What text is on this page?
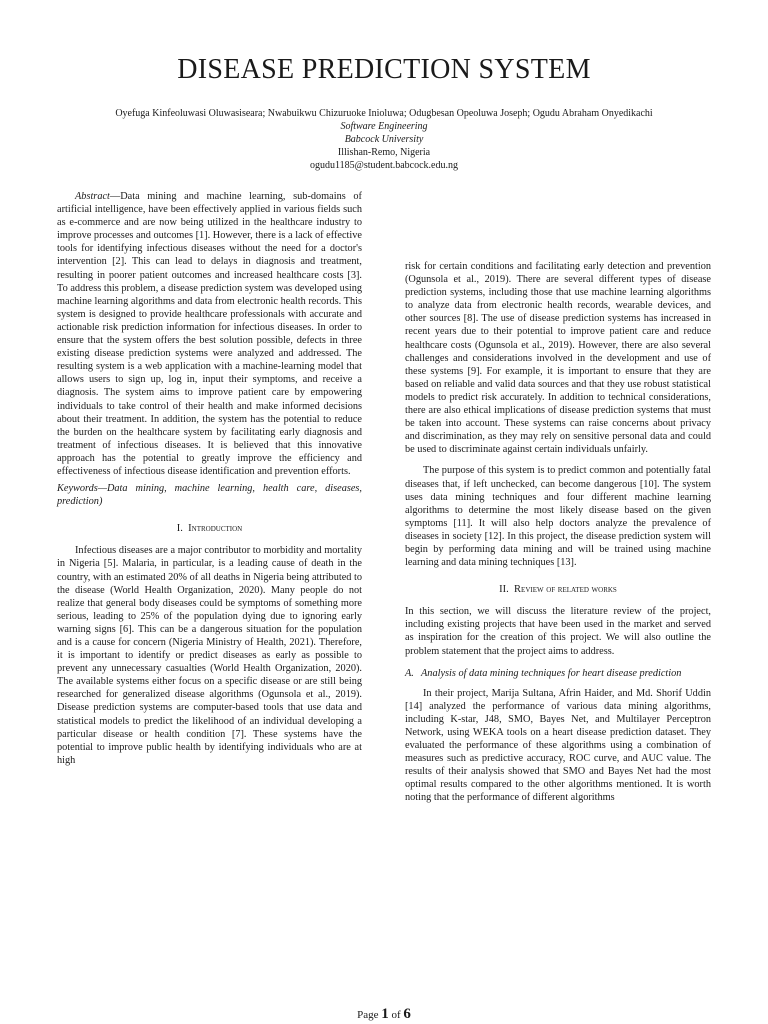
DISEASE PREDICTION SYSTEM
Oyefuga Kinfeoluwasi Oluwasiseara; Nwabuikwu Chizuruoke Inioluwa; Odugbesan Opeoluwa Joseph; Ogudu Abraham Onyedikachi
Software Engineering
Babcock University
Illishan-Remo, Nigeria
ogudu1185@student.babcock.edu.ng

Abstract—Data mining and machine learning, sub-domains of artificial intelligence, have been effectively applied in various fields such as e-commerce and are now being utilized in the healthcare industry to improve processes and outcomes [1]. However, there is a lack of effective tools for identifying infectious diseases without the need for a doctor's intervention [2]. This can lead to delays in diagnosis and treatment, resulting in poorer patient outcomes and increased healthcare costs [3]. To address this problem, a disease prediction system was developed using machine learning algorithms and data from electronic health records. This system is designed to provide healthcare professionals with accurate and actionable risk prediction information for infectious diseases. In order to ensure that the system offers the best solution possible, defects in three existing disease prediction systems were analyzed and addressed. The resulting system is a web application with a machine-learning model that allows users to sign up, log in, input their symptoms, and receive a diagnosis. The system aims to improve patient care by empowering individuals to take control of their health and make informed decisions about their treatment. In addition, the system has the potential to reduce the burden on the healthcare system by facilitating early diagnosis and treatment of infectious diseases. It is believed that this innovative approach has the potential to greatly improve the efficiency and effectiveness of infectious disease identification and prevention efforts.

Keywords—Data mining, machine learning, health care, diseases, prediction)

I. Introduction

Infectious diseases are a major contributor to morbidity and mortality in Nigeria [5]. Malaria, in particular, is a leading cause of death in the country, with an estimated 20% of all deaths in Nigeria being attributed to the disease (World Health Organization, 2020). Many people do not realize that general body diseases could be symptoms of something more serious, leading to 25% of the population dying due to ignoring early warning signs [6]. This can be a dangerous situation for the population and is a cause for concern (Nigeria Ministry of Health, 2021). Therefore, it is important to identify or predict diseases as early as possible to prevent any unnecessary casualties (World Health Organization, 2020). The available systems either focus on a specific disease or are still being researched for generalized disease algorithms (Ogunsola et al., 2019). Disease prediction systems are computer-based tools that use data and statistical models to predict the likelihood of an individual developing a particular disease or health condition [7]. These systems have the potential to improve public health by identifying individuals who are at high

risk for certain conditions and facilitating early detection and prevention (Ogunsola et al., 2019). There are several different types of disease prediction systems, including those that use machine learning algorithms to analyze data from electronic health records, wearable devices, and other sources [8]. The use of disease prediction systems has increased in recent years due to their potential to improve patient care and reduce healthcare costs (Ogunsola et al., 2019). However, there are also several challenges and considerations involved in the development and use of these systems [9]. For example, it is important to ensure that they are based on reliable and valid data sources and that they use robust statistical models to predict risk accurately. In addition to technical considerations, there are also ethical implications of disease prediction systems that must be taken into account. These systems can raise concerns about privacy and discrimination, as they may rely on sensitive personal data and could be used to discriminate against certain individuals unfairly.

The purpose of this system is to predict common and potentially fatal diseases that, if left unchecked, can become dangerous [10]. The system uses data mining techniques and four different machine learning algorithms to determine the most likely disease based on the given symptoms [11]. It will also help doctors analyze the prevalence of diseases in society [12]. In this project, the disease prediction system will begin by performing data mining and will be trained using machine learning and data mining techniques [13].

II. Review of related works

In this section, we will discuss the literature review of the project, including existing projects that have been used in the market and served as inspiration for the creation of this project. We will also outline the problem statement that the project aims to address.

A. Analysis of data mining techniques for heart disease prediction

In their project, Marija Sultana, Afrin Haider, and Md. Shorif Uddin [14] analyzed the performance of various data mining algorithms, including K-star, J48, SMO, Bayes Net, and Multilayer Perceptron Network, using WEKA tools on a heart disease prediction dataset. They evaluated the performance of these algorithms using a combination of measures such as predictive accuracy, ROC curve, and AUC value. The results of their analysis showed that SMO and Bayes Net had the most optimal results compared to the other algorithms mentioned. It is worth noting that the performance of different algorithms

Page 1 of 6
